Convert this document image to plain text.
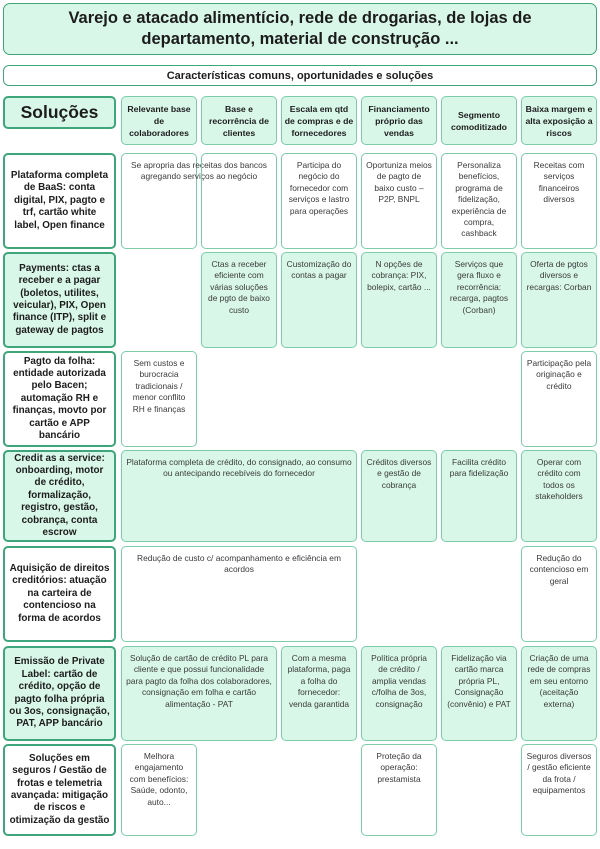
Varejo e atacado alimentício, rede de drogarias, de lojas de departamento, material de construção ...
Características comuns, oportunidades e soluções
Soluções	Relevante base de colaboradores
Base e recorrência de clientes
Escala em qtd de compras e de fornecedores
Financiamento próprio das vendas
Segmento comoditizado
Baixa margem e alta exposição a riscos
Plataforma completa de BaaS: conta digital, PIX, pagto e trf, cartão white label, Open finance
Se apropria das receitas dos bancos agregando serviços ao negócio
Participa do negócio do fornecedor com serviços e lastro para operações
Oportuniza meios de pagto de baixo custo – P2P, BNPL
Personaliza benefícios, programa de fidelização, experiência de compra, cashback
Receitas com serviços financeiros diversos
Payments: ctas a receber e a pagar (boletos, utilites, veicular), PIX, Open finance (ITP), split e gateway de pagtos
Ctas a receber eficiente com várias soluções de pgto de baixo custo
Customização do contas a pagar
N opções de cobrança: PIX, bolepix, cartão ...
Serviços que gera fluxo e recorrência: recarga, pagtos (Corban)
Oferta de pgtos diversos e recargas: Corban
Pagto da folha: entidade autorizada pelo Bacen; automação RH e finanças, movto por cartão e APP bancário
Sem custos e burocracia tradicionais / menor conflito RH e finanças
Participação pela originação e crédito
Credit as a service: onboarding, motor de crédito, formalização, registro, gestão, cobrança, conta escrow
Plataforma completa de crédito, do consignado, ao consumo ou antecipando recebíveis do fornecedor
Créditos diversos e gestão de cobrança
Facilita crédito para fidelização
Operar com crédito com todos os stakeholders
Aquisição de direitos creditórios: atuação na carteira de contencioso na forma de acordos
Redução de custo c/ acompanhamento e eficiência em acordos
Redução do contencioso em geral
Emissão de Private Label: cartão de crédito, opção de pagto folha própria ou 3os, consignação, PAT, APP bancário
Solução de cartão de crédito PL para cliente e que possui funcionalidade para pagto da folha dos colaboradores, consignação em folha e cartão alimentação - PAT
Com a mesma plataforma, paga a folha do fornecedor: venda garantida
Política própria de crédito / amplia vendas c/folha de 3os, consignação
Fidelização via cartão marca própria PL, Consignação (convênio) e PAT
Criação de uma rede de compras em seu entorno (aceitação externa)
Soluções em seguros / Gestão de frotas e telemetria avançada: mitigação de riscos e otimização da gestão
Melhora engajamento com benefícios: Saúde, odonto, auto...
Proteção da operação: prestamista
Seguros diversos / gestão eficiente da frota / equipamentos
